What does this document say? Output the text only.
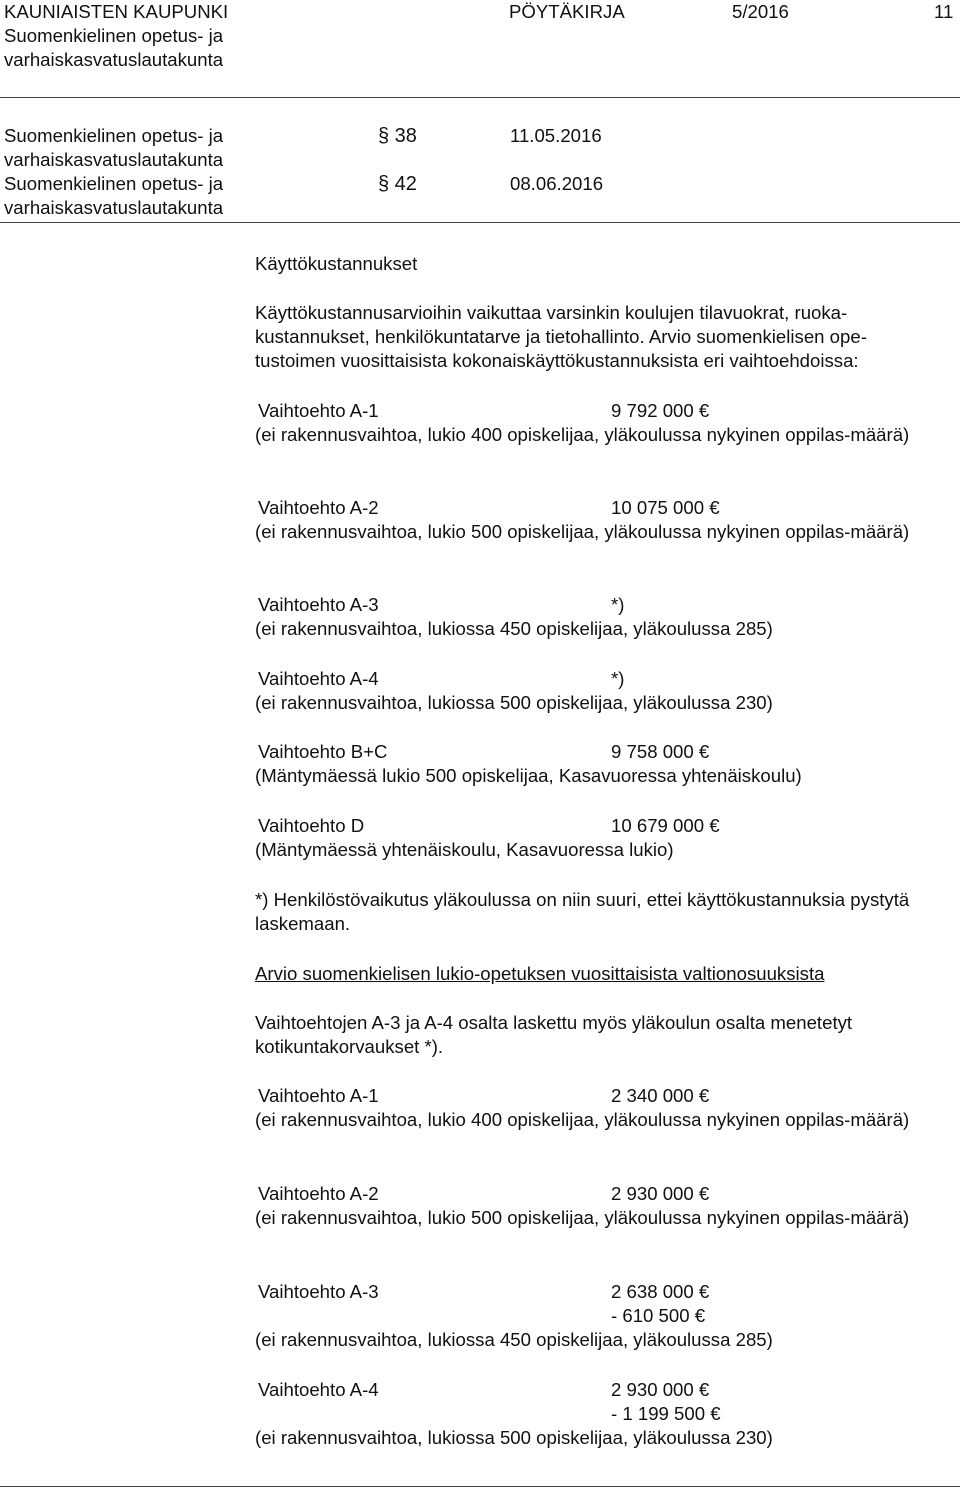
KAUNIAISTEN KAUPUNKI
Suomenkielinen opetus- ja
varhaiskasvatuslautakunta
PÖYTÄKIRJA	5/2016	11
Suomenkielinen opetus- ja
varhaiskasvatuslautakunta
§ 38	11.05.2016
Suomenkielinen opetus- ja
varhaiskasvatuslautakunta
§ 42	08.06.2016
Käyttökustannukset
Käyttökustannusarvioihin vaikuttaa varsinkin koulujen tilavuokrat, ruoka-kustannukset, henkilökuntatarve ja tietohallinto. Arvio suomenkielisen ope-tustoimen vuosittaisista kokonaiskäyttökustannuksista eri vaihtoehdoissa:
Vaihtoehto A-1	9 792 000 €
(ei rakennusvaihtoa, lukio 400 opiskelijaa, yläkoulussa nykyinen oppilas-määrä)
Vaihtoehto A-2	10 075 000 €
(ei rakennusvaihtoa, lukio 500 opiskelijaa, yläkoulussa nykyinen oppilas-määrä)
Vaihtoehto A-3	*)
(ei rakennusvaihtoa, lukiossa 450 opiskelijaa, yläkoulussa 285)
Vaihtoehto A-4	*)
(ei rakennusvaihtoa, lukiossa 500 opiskelijaa, yläkoulussa 230)
Vaihtoehto B+C	9 758 000 €
(Mäntymäessä lukio 500 opiskelijaa, Kasavuoressa yhtenäiskoulu)
Vaihtoehto D	10 679 000 €
(Mäntymäessä yhtenäiskoulu, Kasavuoressa lukio)
*) Henkilöstövaikutus yläkoulussa on niin suuri, ettei käyttökustannuksia pystytä laskemaan.
Arvio suomenkielisen lukio-opetuksen vuosittaisista valtionosuuksista
Vaihtoehtojen A-3 ja A-4 osalta laskettu myös yläkoulun osalta menetetyt kotikuntakorvaukset *).
Vaihtoehto A-1	2 340 000 €
(ei rakennusvaihtoa, lukio 400 opiskelijaa, yläkoulussa nykyinen oppilas-määrä)
Vaihtoehto A-2	2 930 000 €
(ei rakennusvaihtoa, lukio 500 opiskelijaa, yläkoulussa nykyinen oppilas-määrä)
Vaihtoehto A-3	2 638 000 €
- 610 500 €
(ei rakennusvaihtoa, lukiossa 450 opiskelijaa, yläkoulussa 285)
Vaihtoehto A-4	2 930 000 €
- 1 199 500 €
(ei rakennusvaihtoa, lukiossa 500 opiskelijaa, yläkoulussa 230)
